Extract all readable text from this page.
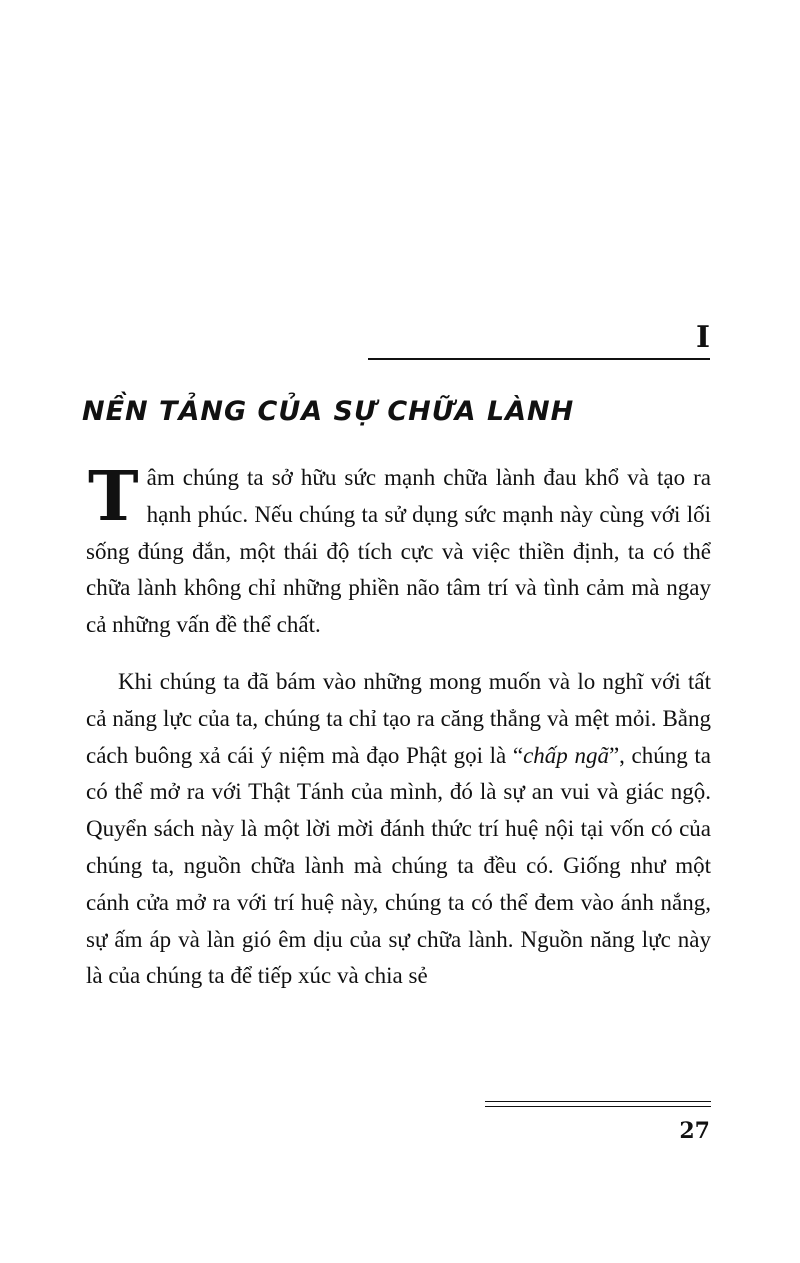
I
NỀN TẢNG CỦA SỰ CHỮA LÀNH

Tâm chúng ta sở hữu sức mạnh chữa lành đau khổ và tạo ra hạnh phúc. Nếu chúng ta sử dụng sức mạnh này cùng với lối sống đúng đắn, một thái độ tích cực và việc thiền định, ta có thể chữa lành không chỉ những phiền não tâm trí và tình cảm mà ngay cả những vấn đề thể chất.

Khi chúng ta đã bám vào những mong muốn và lo nghĩ với tất cả năng lực của ta, chúng ta chỉ tạo ra căng thẳng và mệt mỏi. Bằng cách buông xả cái ý niệm mà đạo Phật gọi là “chấp ngã”, chúng ta có thể mở ra với Thật Tánh của mình, đó là sự an vui và giác ngộ. Quyển sách này là một lời mời đánh thức trí huệ nội tại vốn có của chúng ta, nguồn chữa lành mà chúng ta đều có. Giống như một cánh cửa mở ra với trí huệ này, chúng ta có thể đem vào ánh nắng, sự ấm áp và làn gió êm dịu của sự chữa lành. Nguồn năng lực này là của chúng ta để tiếp xúc và chia sẻ

27
